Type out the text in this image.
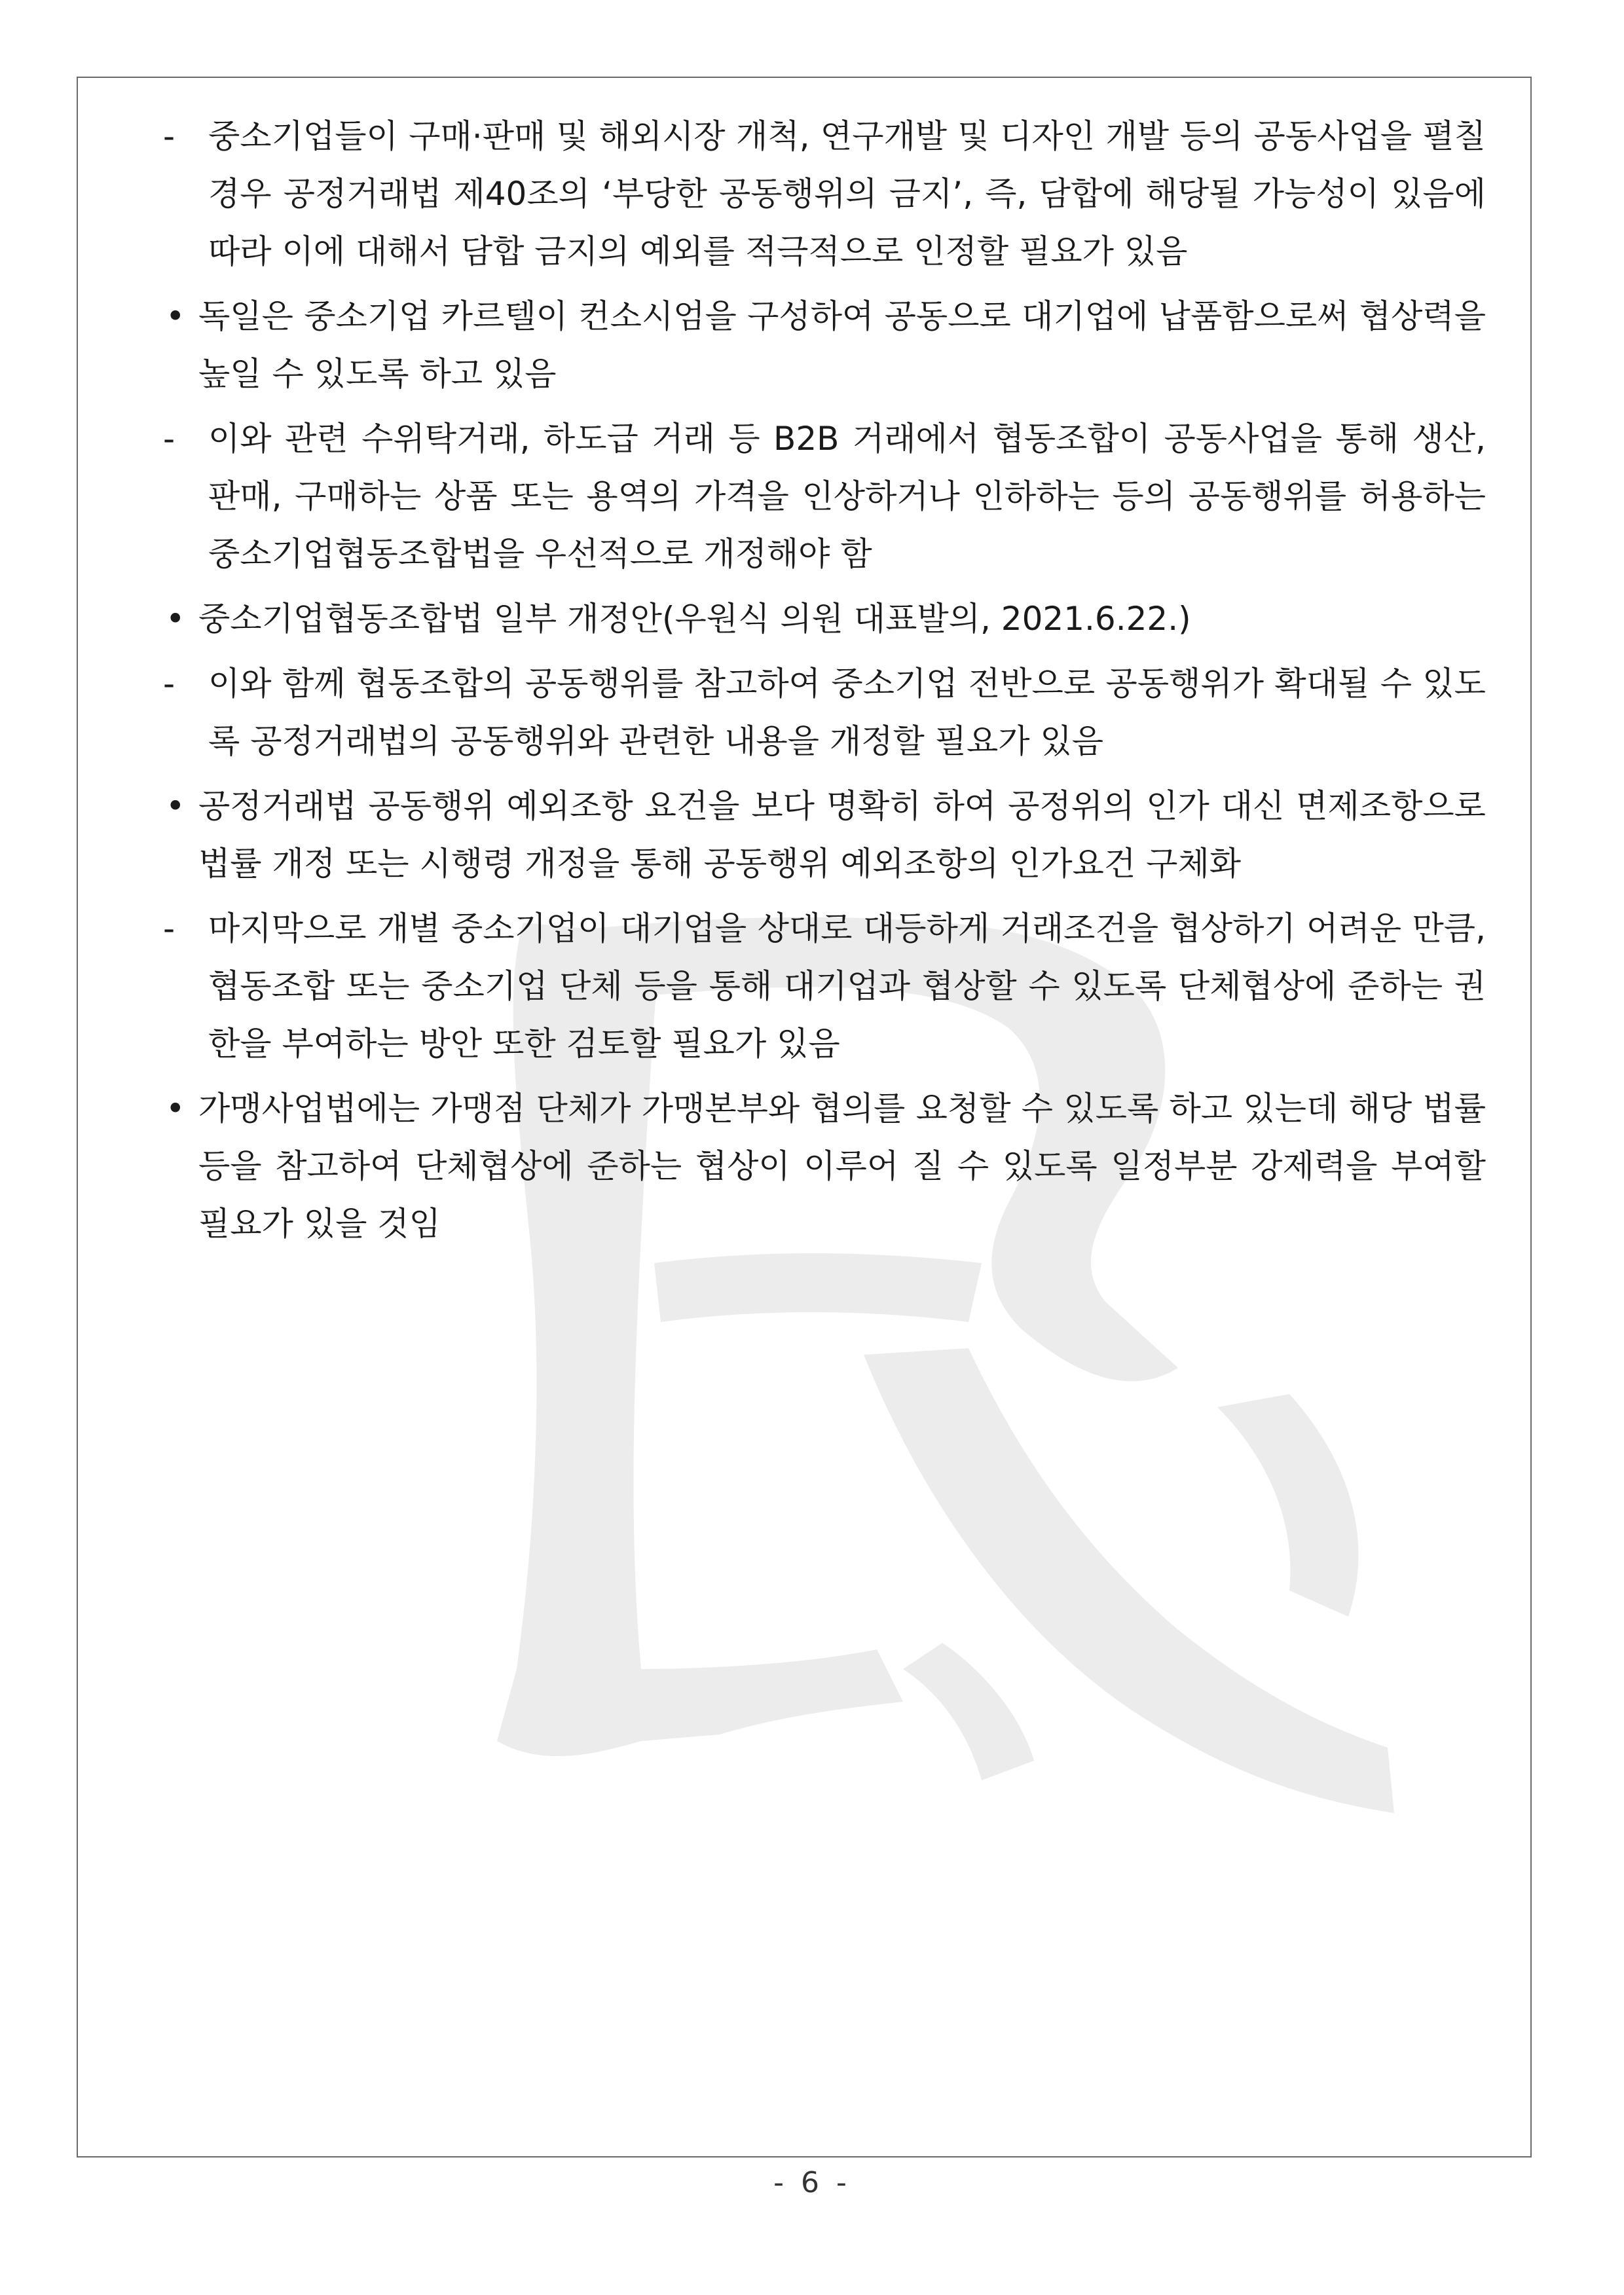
- 중소기업들이 구매·판매 및 해외시장 개척, 연구개발 및 디자인 개발 등의 공동사업을 펼칠 경우 공정거래법 제40조의 ‘부당한 공동행위의 금지’, 즉, 담합에 해당될 가능성이 있음에 따라 이에 대해서 담합 금지의 예외를 적극적으로 인정할 필요가 있음
• 독일은 중소기업 카르텔이 컨소시엄을 구성하여 공동으로 대기업에 납품함으로써 협상력을 높일 수 있도록 하고 있음
- 이와 관련 수위탁거래, 하도급 거래 등 B2B 거래에서 협동조합이 공동사업을 통해 생산, 판매, 구매하는 상품 또는 용역의 가격을 인상하거나 인하하는 등의 공동행위를 허용하는 중소기업협동조합법을 우선적으로 개정해야 함
• 중소기업협동조합법 일부 개정안(우원식 의원 대표발의, 2021.6.22.)
- 이와 함께 협동조합의 공동행위를 참고하여 중소기업 전반으로 공동행위가 확대될 수 있도록 공정거래법의 공동행위와 관련한 내용을 개정할 필요가 있음
• 공정거래법 공동행위 예외조항 요건을 보다 명확히 하여 공정위의 인가 대신 면제조항으로 법률 개정 또는 시행령 개정을 통해 공동행위 예외조항의 인가요건 구체화
- 마지막으로 개별 중소기업이 대기업을 상대로 대등하게 거래조건을 협상하기 어려운 만큼, 협동조합 또는 중소기업 단체 등을 통해 대기업과 협상할 수 있도록 단체협상에 준하는 권한을 부여하는 방안 또한 검토할 필요가 있음
• 가맹사업법에는 가맹점 단체가 가맹본부와 협의를 요청할 수 있도록 하고 있는데 해당 법률 등을 참고하여 단체협상에 준하는 협상이 이루어 질 수 있도록 일정부분 강제력을 부여할 필요가 있을 것임
- 6 -
